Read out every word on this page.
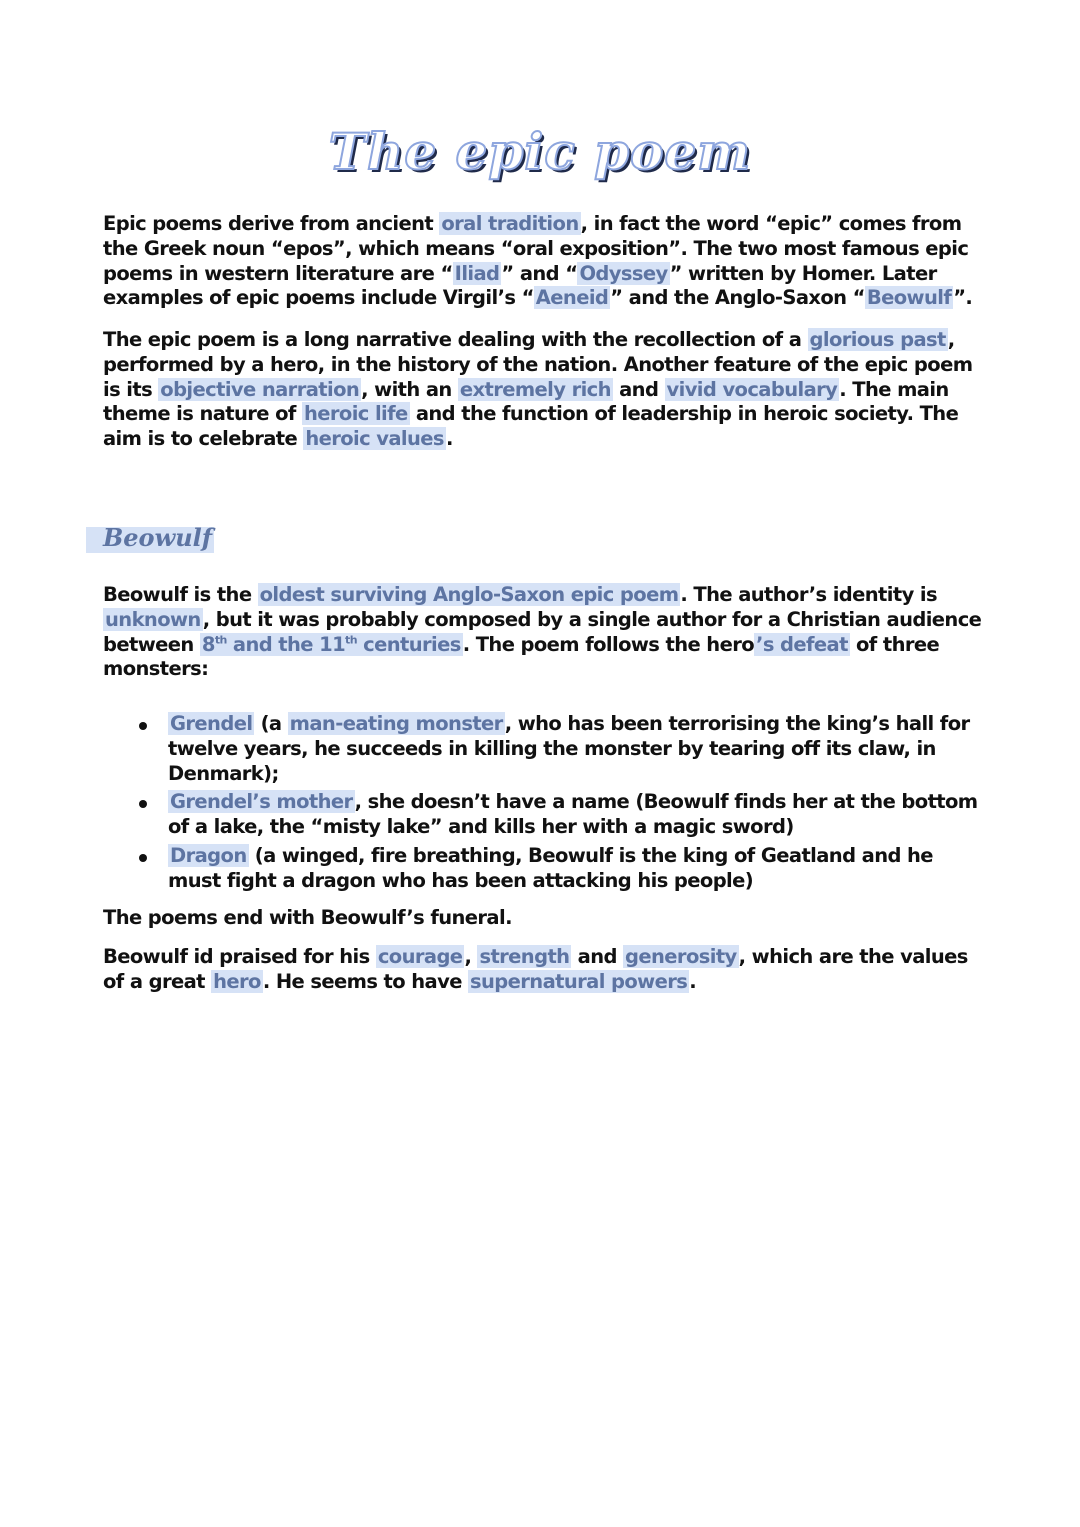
The epic poem

Epic poems derive from ancient oral tradition , in fact the word “epic” comes from the Greek noun “epos”, which means “oral exposition”. The two most famous epic poems in western literature are “ Iliad ” and “ Odyssey ” written by Homer. Later examples of epic poems include Virgil’s “ Aeneid ” and the Anglo-Saxon “ Beowulf ”.

The epic poem is a long narrative dealing with the recollection of a glorious past , performed by a hero, in the history of the nation. Another feature of the epic poem is its objective narration , with an extremely rich and vivid vocabulary . The main theme is nature of heroic life and the function of leadership in heroic society. The aim is to celebrate heroic values .

Beowulf

Beowulf is the oldest surviving Anglo-Saxon epic poem . The author’s identity is unknown , but it was probably composed by a single author for a Christian audience between 8th and the 11th centuries . The poem follows the hero ’s defeat of three monsters:

Grendel (a man-eating monster , who has been terrorising the king’s hall for twelve years, he succeeds in killing the monster by tearing off its claw, in Denmark);
Grendel’s mother , she doesn’t have a name (Beowulf finds her at the bottom of a lake, the “misty lake” and kills her with a magic sword)
Dragon (a winged, fire breathing, Beowulf is the king of Geatland and he must fight a dragon who has been attacking his people)

The poems end with Beowulf’s funeral.

Beowulf id praised for his courage , strength and generosity , which are the values of a great hero . He seems to have supernatural powers .
